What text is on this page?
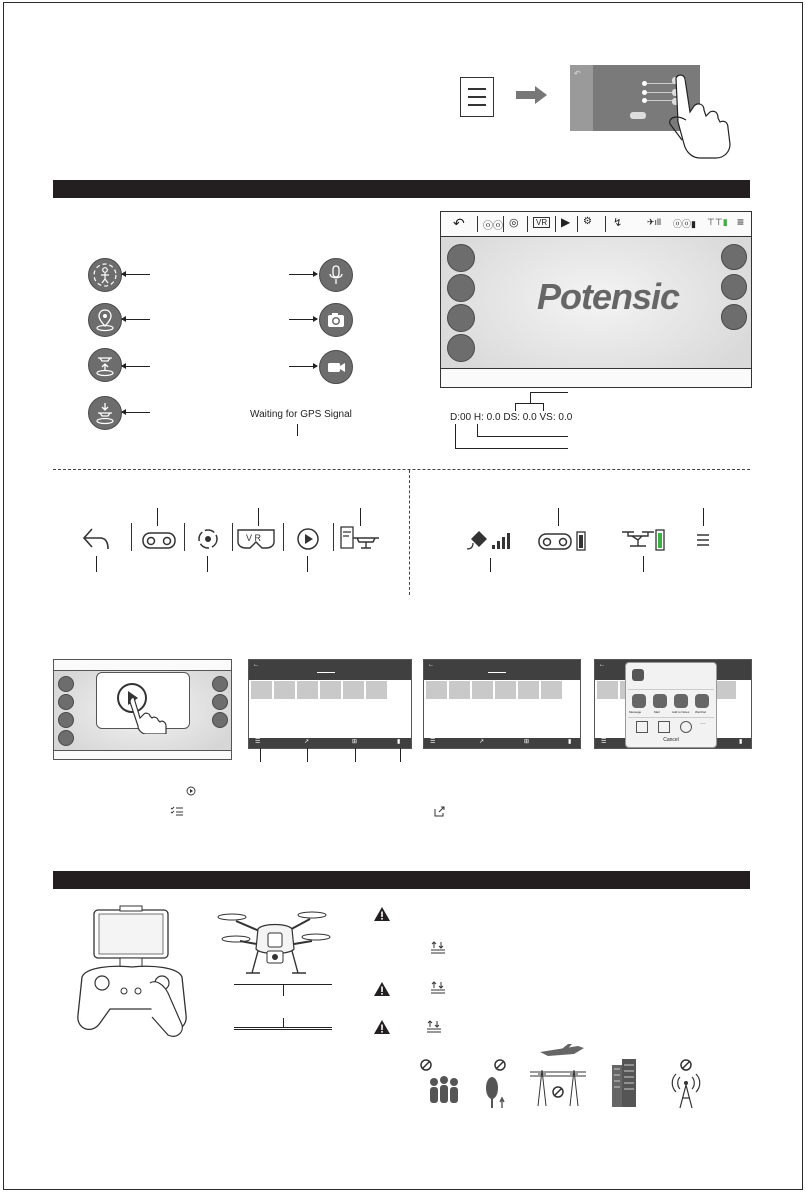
↶
Waiting for GPS Signal
↶ ⓞⓞ ◎	VR ▶ ⚙ ↯	✈ıll ⓞⓞ▮ ⊤⊤▮ ≡
Potensic
D:00 H: 0.0 DS: 0.0 VS: 0.0
V R
←
☰	↗	⊞	▮
←
☰	↗	⊞	▮
←
☰	▮
Message	Mail	Add to Notes WeChat
···
Cancel
